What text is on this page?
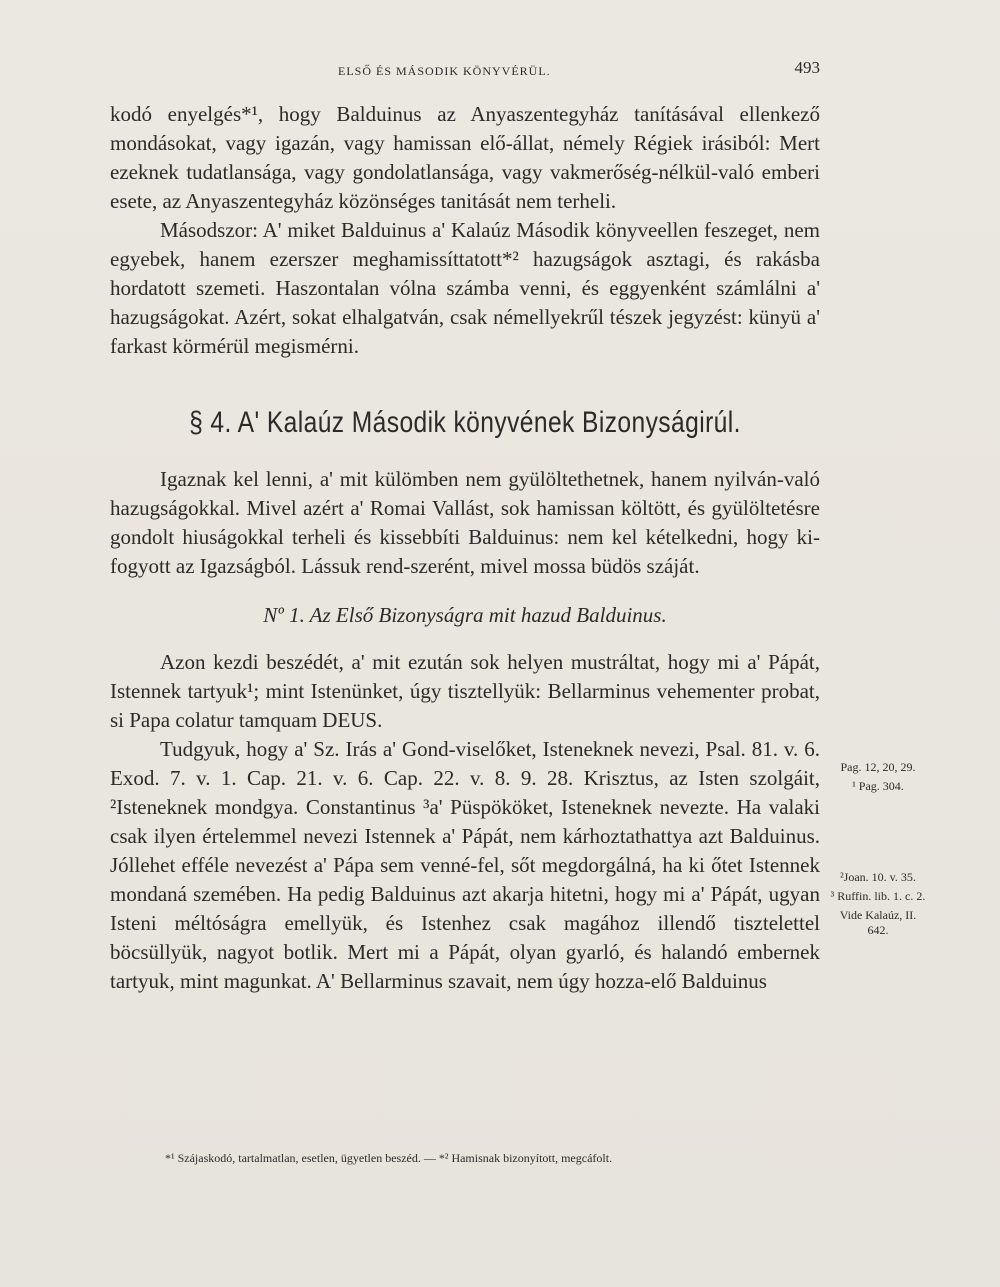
ELSŐ ÉS MÁSODIK KÖNYVÉRÜL.	493

kodó enyelgés*¹, hogy Balduinus az Anyaszentegyház tanításával ellenkező mondásokat, vagy igazán, vagy hamissan elő-állat, némely Régiek irásiból: Mert ezeknek tudatlansága, vagy gondolatlansága, vagy vakmerőség-nélkül-való emberi esete, az Anyaszentegyház közönséges tanitását nem terheli.

Másodszor: A' miket Balduinus a' Kalaúz Második könyveellen feszeget, nem egyebek, hanem ezerszer meghamissíttatott*² hazugságok asztagi, és rakásba hordatott szemeti. Haszontalan vólna számba venni, és eggyenként számlálni a' hazugságokat. Azért, sokat elhalgatván, csak némellyekrűl tészek jegyzést: künyü a' farkast körmérül megismérni.

§ 4. A' Kalaúz Második könyvének Bizonyságirúl.

Igaznak kel lenni, a' mit külömben nem gyülöltethetnek, hanem nyilván-való hazugságokkal. Mivel azért a' Romai Vallást, sok hamissan költött, és gyülöltetésre gondolt hiuságokkal terheli és kissebbíti Balduinus: nem kel kételkedni, hogy ki-fogyott az Igazságból. Lássuk rend-szerént, mivel mossa büdös száját.

Nº 1. Az Első Bizonyságra mit hazud Balduinus.

Azon kezdi beszédét, a' mit ezután sok helyen mustráltat, hogy mi a' Pápát, Istennek tartyuk¹; mint Istenünket, úgy tisztellyük: Bellarminus vehementer probat, si Papa colatur tamquam DEUS.

Tudgyuk, hogy a' Sz. Irás a' Gond-viselőket, Isteneknek nevezi, Psal. 81. v. 6. Exod. 7. v. 1. Cap. 21. v. 6. Cap. 22. v. 8. 9. 28. Krisztus, az Isten szolgáit, ²Isteneknek mondgya. Constantinus ³a' Püspököket, Isteneknek nevezte. Ha valaki csak ilyen értelemmel nevezi Istennek a' Pápát, nem kárhoztathattya azt Balduinus. Jóllehet efféle nevezést a' Pápa sem venné-fel, sőt megdorgálná, ha ki őtet Istennek mondaná szemében. Ha pedig Balduinus azt akarja hitetni, hogy mi a' Pápát, ugyan Isteni méltóságra emellyük, és Istenhez csak magához illendő tisztelettel böcsüllyük, nagyot botlik. Mert mi a Pápát, olyan gyarló, és halandó embernek tartyuk, mint magunkat. A' Bellarminus szavait, nem úgy hozza-elő Balduinus

Pag. 12, 20, 29.
¹ Pag. 304.
²Joan. 10. v. 35.
³ Ruffin. lib. 1. c. 2.
Vide Kalaúz, II. 642.
*¹ Szájaskodó, tartalmatlan, esetlen, ügyetlen beszéd. — *² Hamisnak bizonyított, megcáfolt.
